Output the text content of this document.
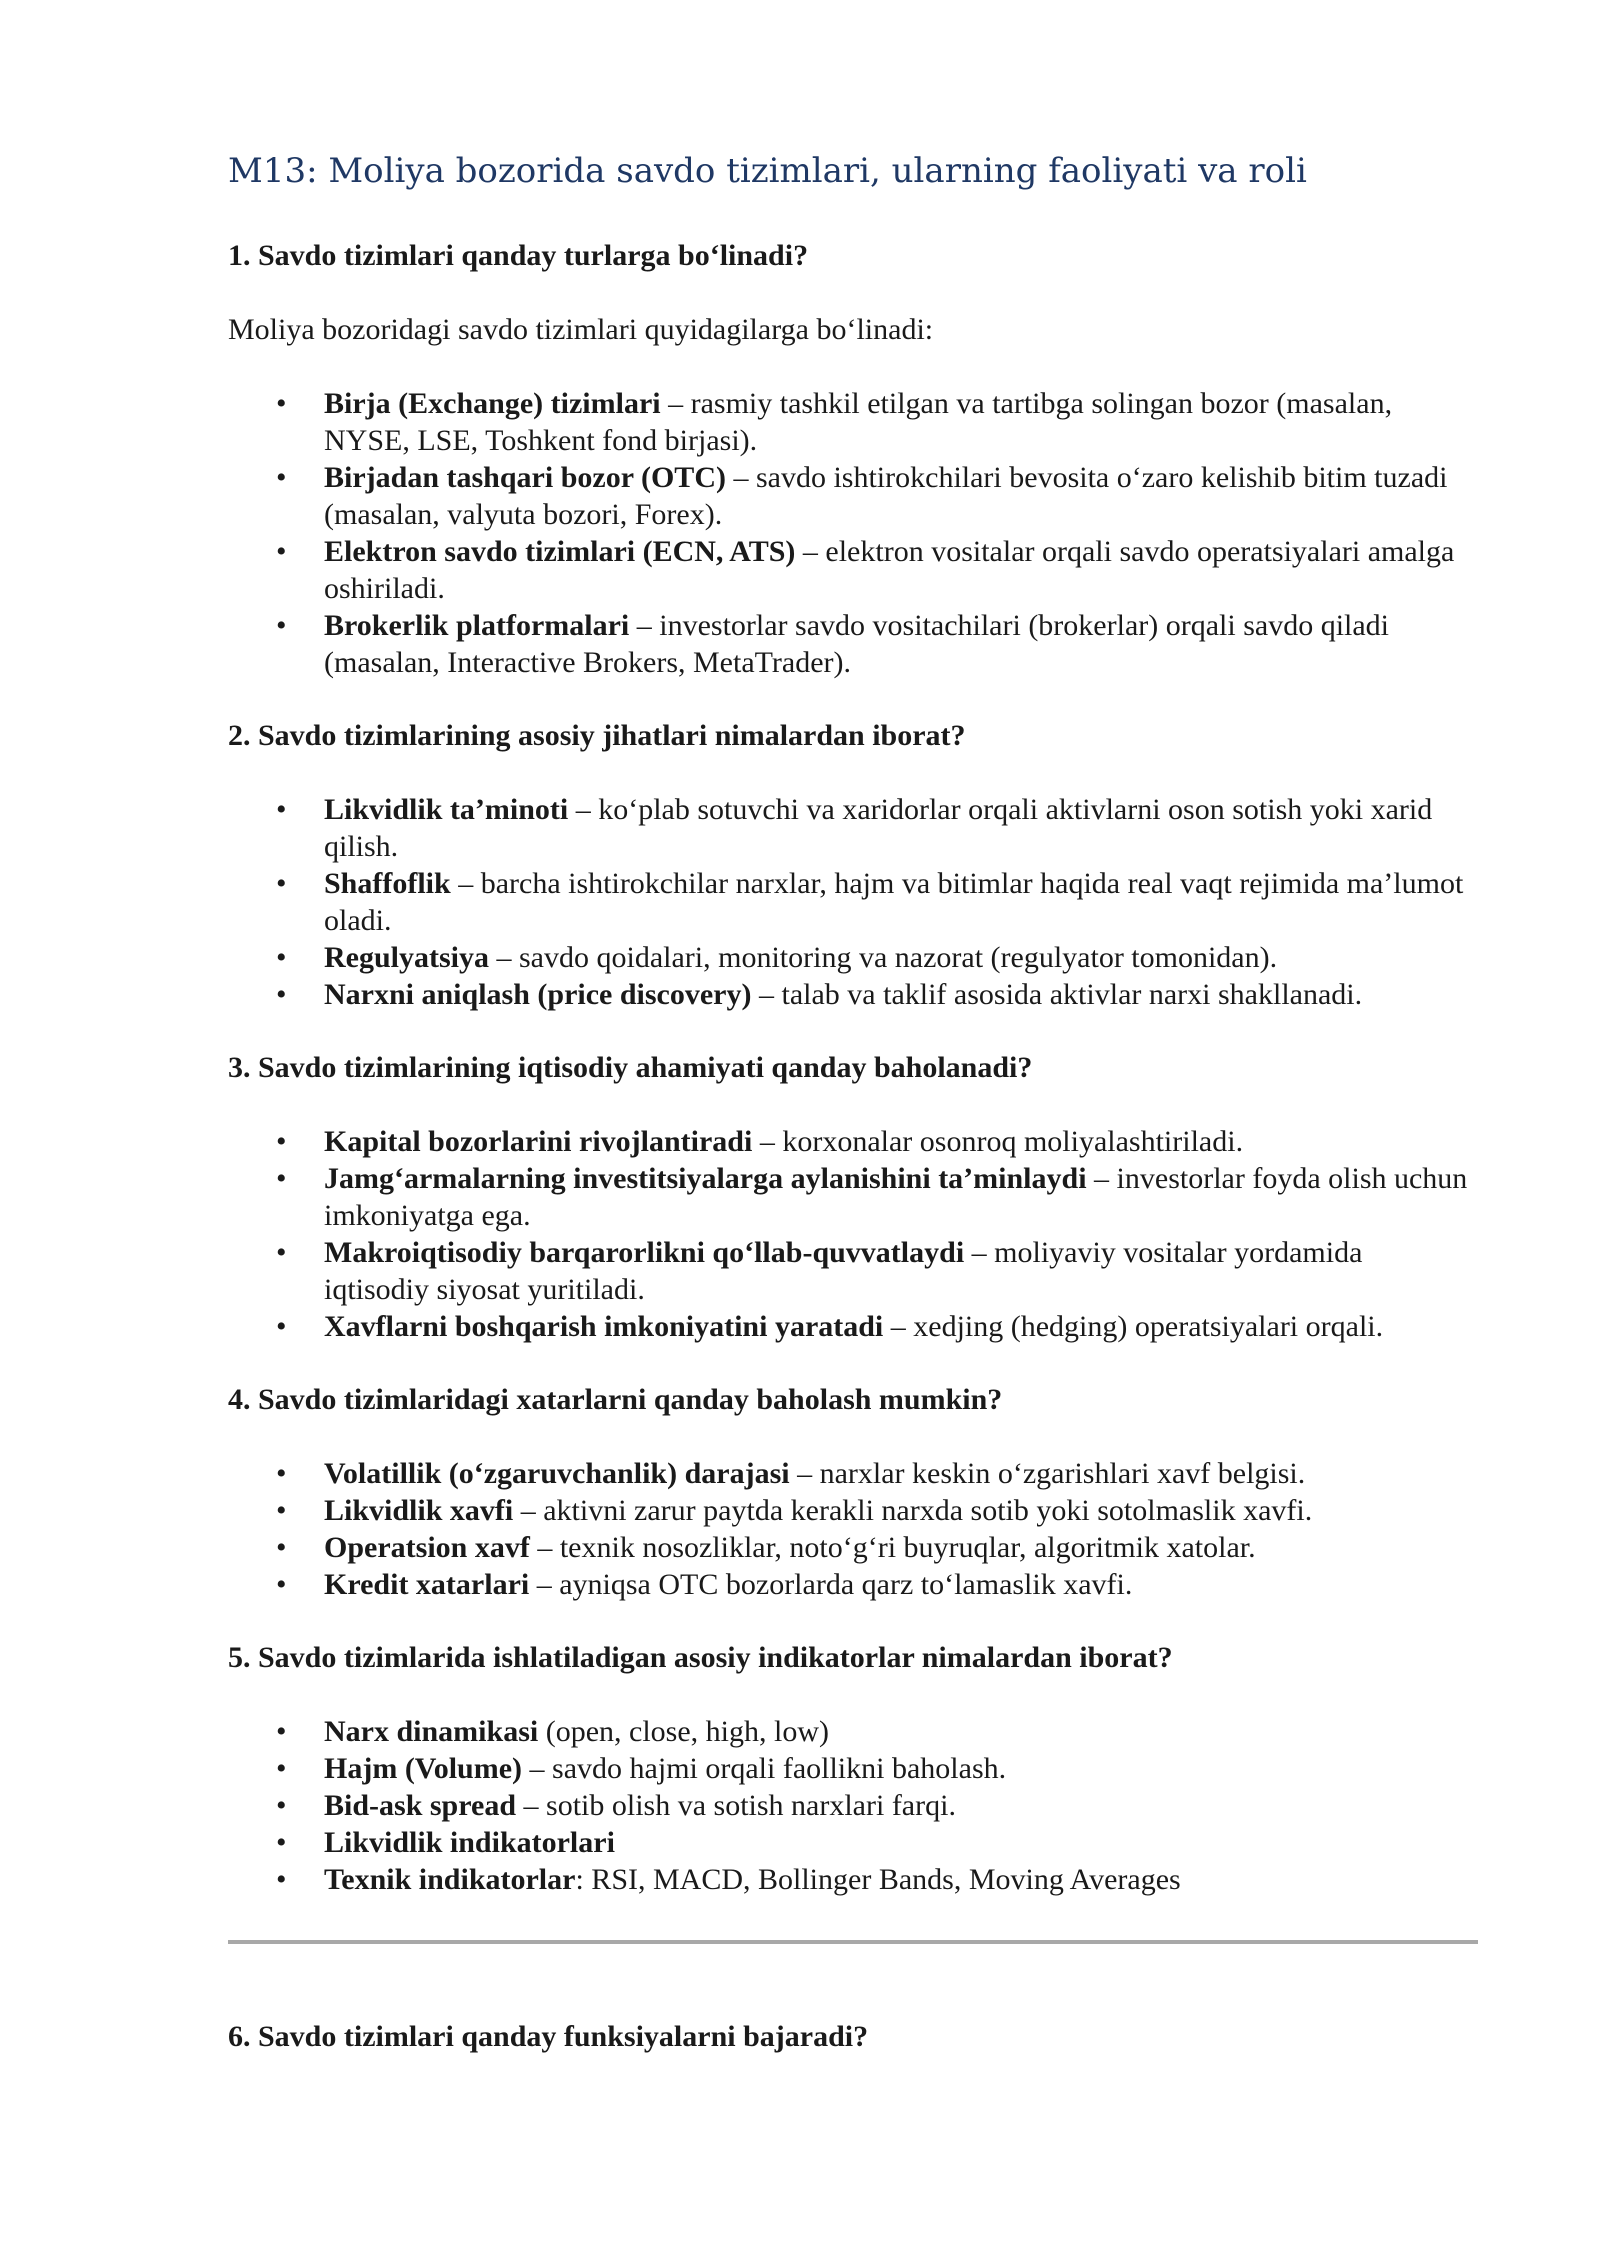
M13: Moliya bozorida savdo tizimlari, ularning faoliyati va roli
1. Savdo tizimlari qanday turlarga bo‘linadi?

Moliya bozoridagi savdo tizimlari quyidagilarga bo‘linadi:

• Birja (Exchange) tizimlari – rasmiy tashkil etilgan va tartibga solingan bozor (masalan, NYSE, LSE, Toshkent fond birjasi).
• Birjadan tashqari bozor (OTC) – savdo ishtirokchilari bevosita o‘zaro kelishib bitim tuzadi (masalan, valyuta bozori, Forex).
• Elektron savdo tizimlari (ECN, ATS) – elektron vositalar orqali savdo operatsiyalari amalga oshiriladi.
• Brokerlik platformalari – investorlar savdo vositachilari (brokerlar) orqali savdo qiladi (masalan, Interactive Brokers, MetaTrader).
2. Savdo tizimlarining asosiy jihatlari nimalardan iborat?
• Likvidlik ta’minoti – ko‘plab sotuvchi va xaridorlar orqali aktivlarni oson sotish yoki xarid qilish.
• Shaffoflik – barcha ishtirokchilar narxlar, hajm va bitimlar haqida real vaqt rejimida ma’lumot oladi.
• Regulyatsiya – savdo qoidalari, monitoring va nazorat (regulyator tomonidan).
• Narxni aniqlash (price discovery) – talab va taklif asosida aktivlar narxi shakllanadi.
3. Savdo tizimlarining iqtisodiy ahamiyati qanday baholanadi?
• Kapital bozorlarini rivojlantiradi – korxonalar osonroq moliyalashtiriladi.
• Jamg‘armalarning investitsiyalarga aylanishini ta’minlaydi – investorlar foyda olish uchun imkoniyatga ega.
• Makroiqtisodiy barqarorlikni qo‘llab-quvvatlaydi – moliyaviy vositalar yordamida iqtisodiy siyosat yuritiladi.
• Xavflarni boshqarish imkoniyatini yaratadi – xedjing (hedging) operatsiyalari orqali.
4. Savdo tizimlaridagi xatarlarni qanday baholash mumkin?
• Volatillik (o‘zgaruvchanlik) darajasi – narxlar keskin o‘zgarishlari xavf belgisi.
• Likvidlik xavfi – aktivni zarur paytda kerakli narxda sotib yoki sotolmaslik xavfi.
• Operatsion xavf – texnik nosozliklar, noto‘g‘ri buyruqlar, algoritmik xatolar.
• Kredit xatarlari – ayniqsa OTC bozorlarda qarz to‘lamaslik xavfi.
5. Savdo tizimlarida ishlatiladigan asosiy indikatorlar nimalardan iborat?
• Narx dinamikasi (open, close, high, low)
• Hajm (Volume) – savdo hajmi orqali faollikni baholash.
• Bid-ask spread – sotib olish va sotish narxlari farqi.
• Likvidlik indikatorlari
• Texnik indikatorlar: RSI, MACD, Bollinger Bands, Moving Averages
6. Savdo tizimlari qanday funksiyalarni bajaradi?
